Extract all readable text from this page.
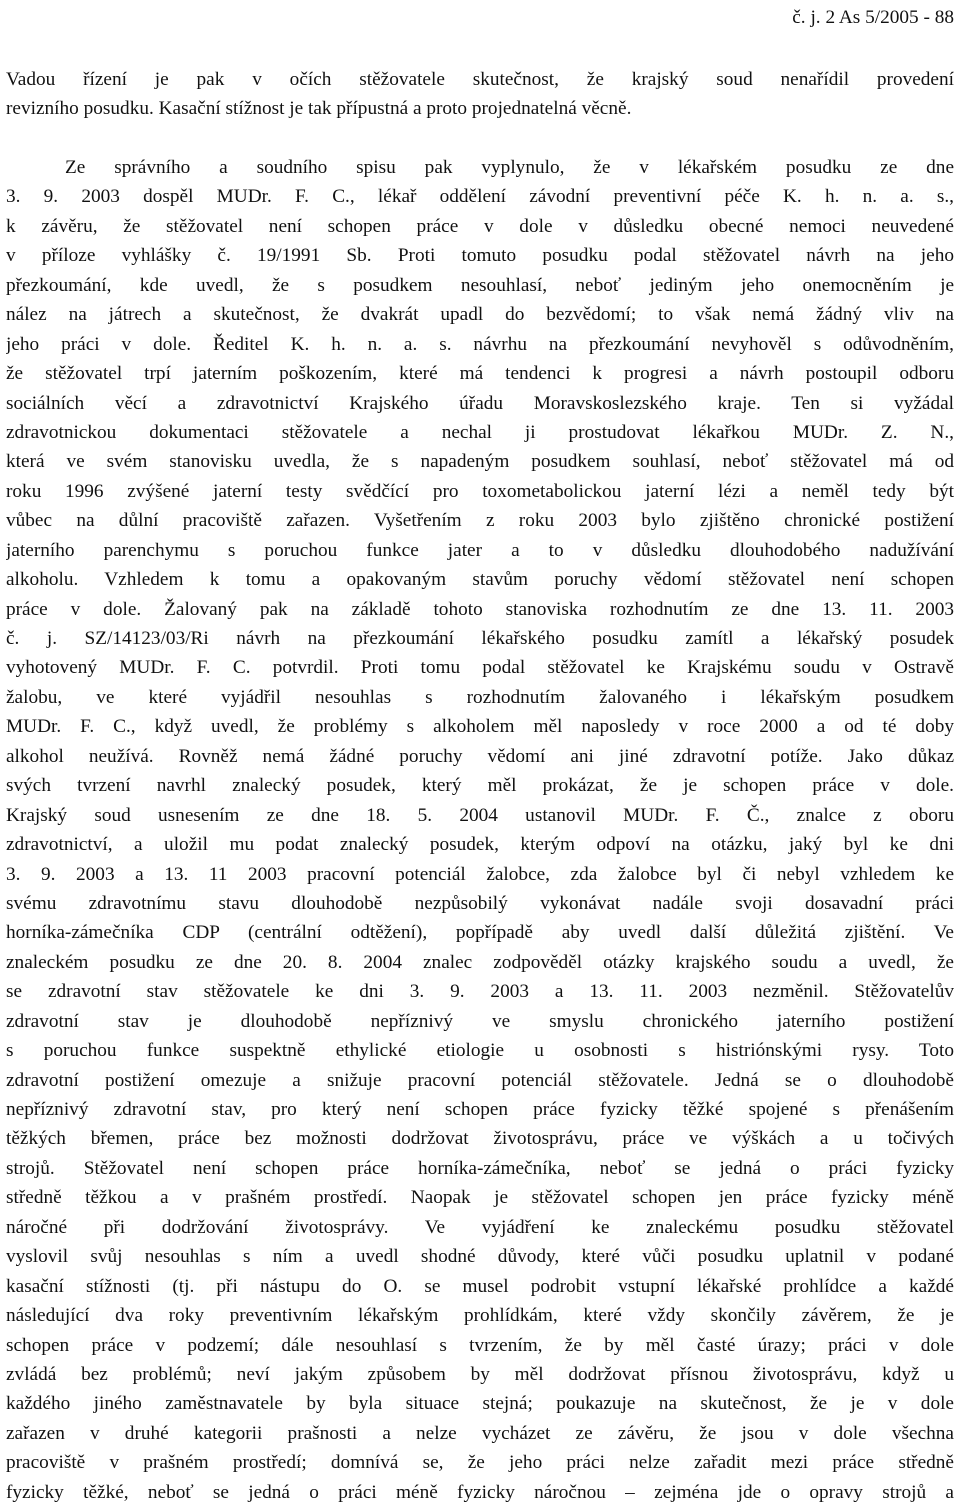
č. j. 2 As 5/2005 - 88
Vadou řízení je pak v očích stěžovatele skutečnost, že krajský soud nenařídil provedení
revizního posudku. Kasační stížnost je tak přípustná a proto projednatelná věcně.
Ze správního a soudního spisu pak vyplynulo, že v lékařském posudku ze dne
3. 9. 2003 dospěl MUDr. F. C., lékař oddělení závodní preventivní péče K. h. n. a. s.,
k závěru, že stěžovatel není schopen práce v dole v důsledku obecné nemoci neuvedené
v příloze vyhlášky č. 19/1991 Sb. Proti tomuto posudku podal stěžovatel návrh na jeho
přezkoumání, kde uvedl, že s posudkem nesouhlasí, neboť jediným jeho onemocněním je
nález na játrech a skutečnost, že dvakrát upadl do bezvědomí; to však nemá žádný vliv na
jeho práci v dole. Ředitel K. h. n. a. s. návrhu na přezkoumání nevyhověl s odůvodněním,
že stěžovatel trpí jaterním poškozením, které má tendenci k progresi a návrh postoupil odboru
sociálních věcí a zdravotnictví Krajského úřadu Moravskoslezského kraje. Ten si vyžádal
zdravotnickou dokumentaci stěžovatele a nechal ji prostudovat lékařkou MUDr. Z. N.,
která ve svém stanovisku uvedla, že s napadeným posudkem souhlasí, neboť stěžovatel má od
roku 1996 zvýšené jaterní testy svědčící pro toxometabolickou jaterní lézi a neměl tedy být
vůbec na důlní pracoviště zařazen. Vyšetřením z roku 2003 bylo zjištěno chronické postižení
jaterního parenchymu s poruchou funkce jater a to v důsledku dlouhodobého nadužívání
alkoholu. Vzhledem k tomu a opakovaným stavům poruchy vědomí stěžovatel není schopen
práce v dole. Žalovaný pak na základě tohoto stanoviska rozhodnutím ze dne 13. 11. 2003
č. j. SZ/14123/03/Ri návrh na přezkoumání lékařského posudku zamítl a lékařský posudek
vyhotovený MUDr. F. C. potvrdil. Proti tomu podal stěžovatel ke Krajskému soudu v Ostravě
žalobu, ve které vyjádřil nesouhlas s rozhodnutím žalovaného i lékařským posudkem
MUDr. F. C., když uvedl, že problémy s alkoholem měl naposledy v roce 2000 a od té doby
alkohol neužívá. Rovněž nemá žádné poruchy vědomí ani jiné zdravotní potíže. Jako důkaz
svých tvrzení navrhl znalecký posudek, který měl prokázat, že je schopen práce v dole.
Krajský soud usnesením ze dne 18. 5. 2004 ustanovil MUDr. F. Č., znalce z oboru
zdravotnictví, a uložil mu podat znalecký posudek, kterým odpoví na otázku, jaký byl ke dni
3. 9. 2003 a 13. 11 2003 pracovní potenciál žalobce, zda žalobce byl či nebyl vzhledem ke
svému zdravotnímu stavu dlouhodobě nezpůsobilý vykonávat nadále svoji dosavadní práci
horníka-zámečníka CDP (centrální odtěžení), popřípadě aby uvedl další důležitá zjištění. Ve
znaleckém posudku ze dne 20. 8. 2004 znalec zodpověděl otázky krajského soudu a uvedl, že
se zdravotní stav stěžovatele ke dni 3. 9. 2003 a 13. 11. 2003 nezměnil. Stěžovatelův
zdravotní stav je dlouhodobě nepříznivý ve smyslu chronického jaterního postižení
s poruchou funkce suspektně ethylické etiologie u osobnosti s histriónskými rysy. Toto
zdravotní postižení omezuje a snižuje pracovní potenciál stěžovatele. Jedná se o dlouhodobě
nepříznivý zdravotní stav, pro který není schopen práce fyzicky těžké spojené s přenášením
těžkých břemen, práce bez možnosti dodržovat životosprávu, práce ve výškách a u točivých
strojů. Stěžovatel není schopen práce horníka-zámečníka, neboť se jedná o práci fyzicky
středně těžkou a v prašném prostředí. Naopak je stěžovatel schopen jen práce fyzicky méně
náročné při dodržování životosprávy. Ve vyjádření ke znaleckému posudku stěžovatel
vyslovil svůj nesouhlas s ním a uvedl shodné důvody, které vůči posudku uplatnil v podané
kasační stížnosti (tj. při nástupu do O. se musel podrobit vstupní lékařské prohlídce a každé
následující dva roky preventivním lékařským prohlídkám, které vždy skončily závěrem, že je
schopen práce v podzemí; dále nesouhlasí s tvrzením, že by měl časté úrazy; práci v dole
zvládá bez problémů; neví jakým způsobem by měl dodržovat přísnou životosprávu, když u
každého jiného zaměstnavatele by byla situace stejná; poukazuje na skutečnost, že je v dole
zařazen v druhé kategorii prašnosti a nelze vycházet ze závěru, že jsou v dole všechna
pracoviště v prašném prostředí; domnívá se, že jeho práci nelze zařadit mezi práce středně
fyzicky těžké, neboť se jedná o práci méně fyzicky náročnou – zejména jde o opravy strojů a
